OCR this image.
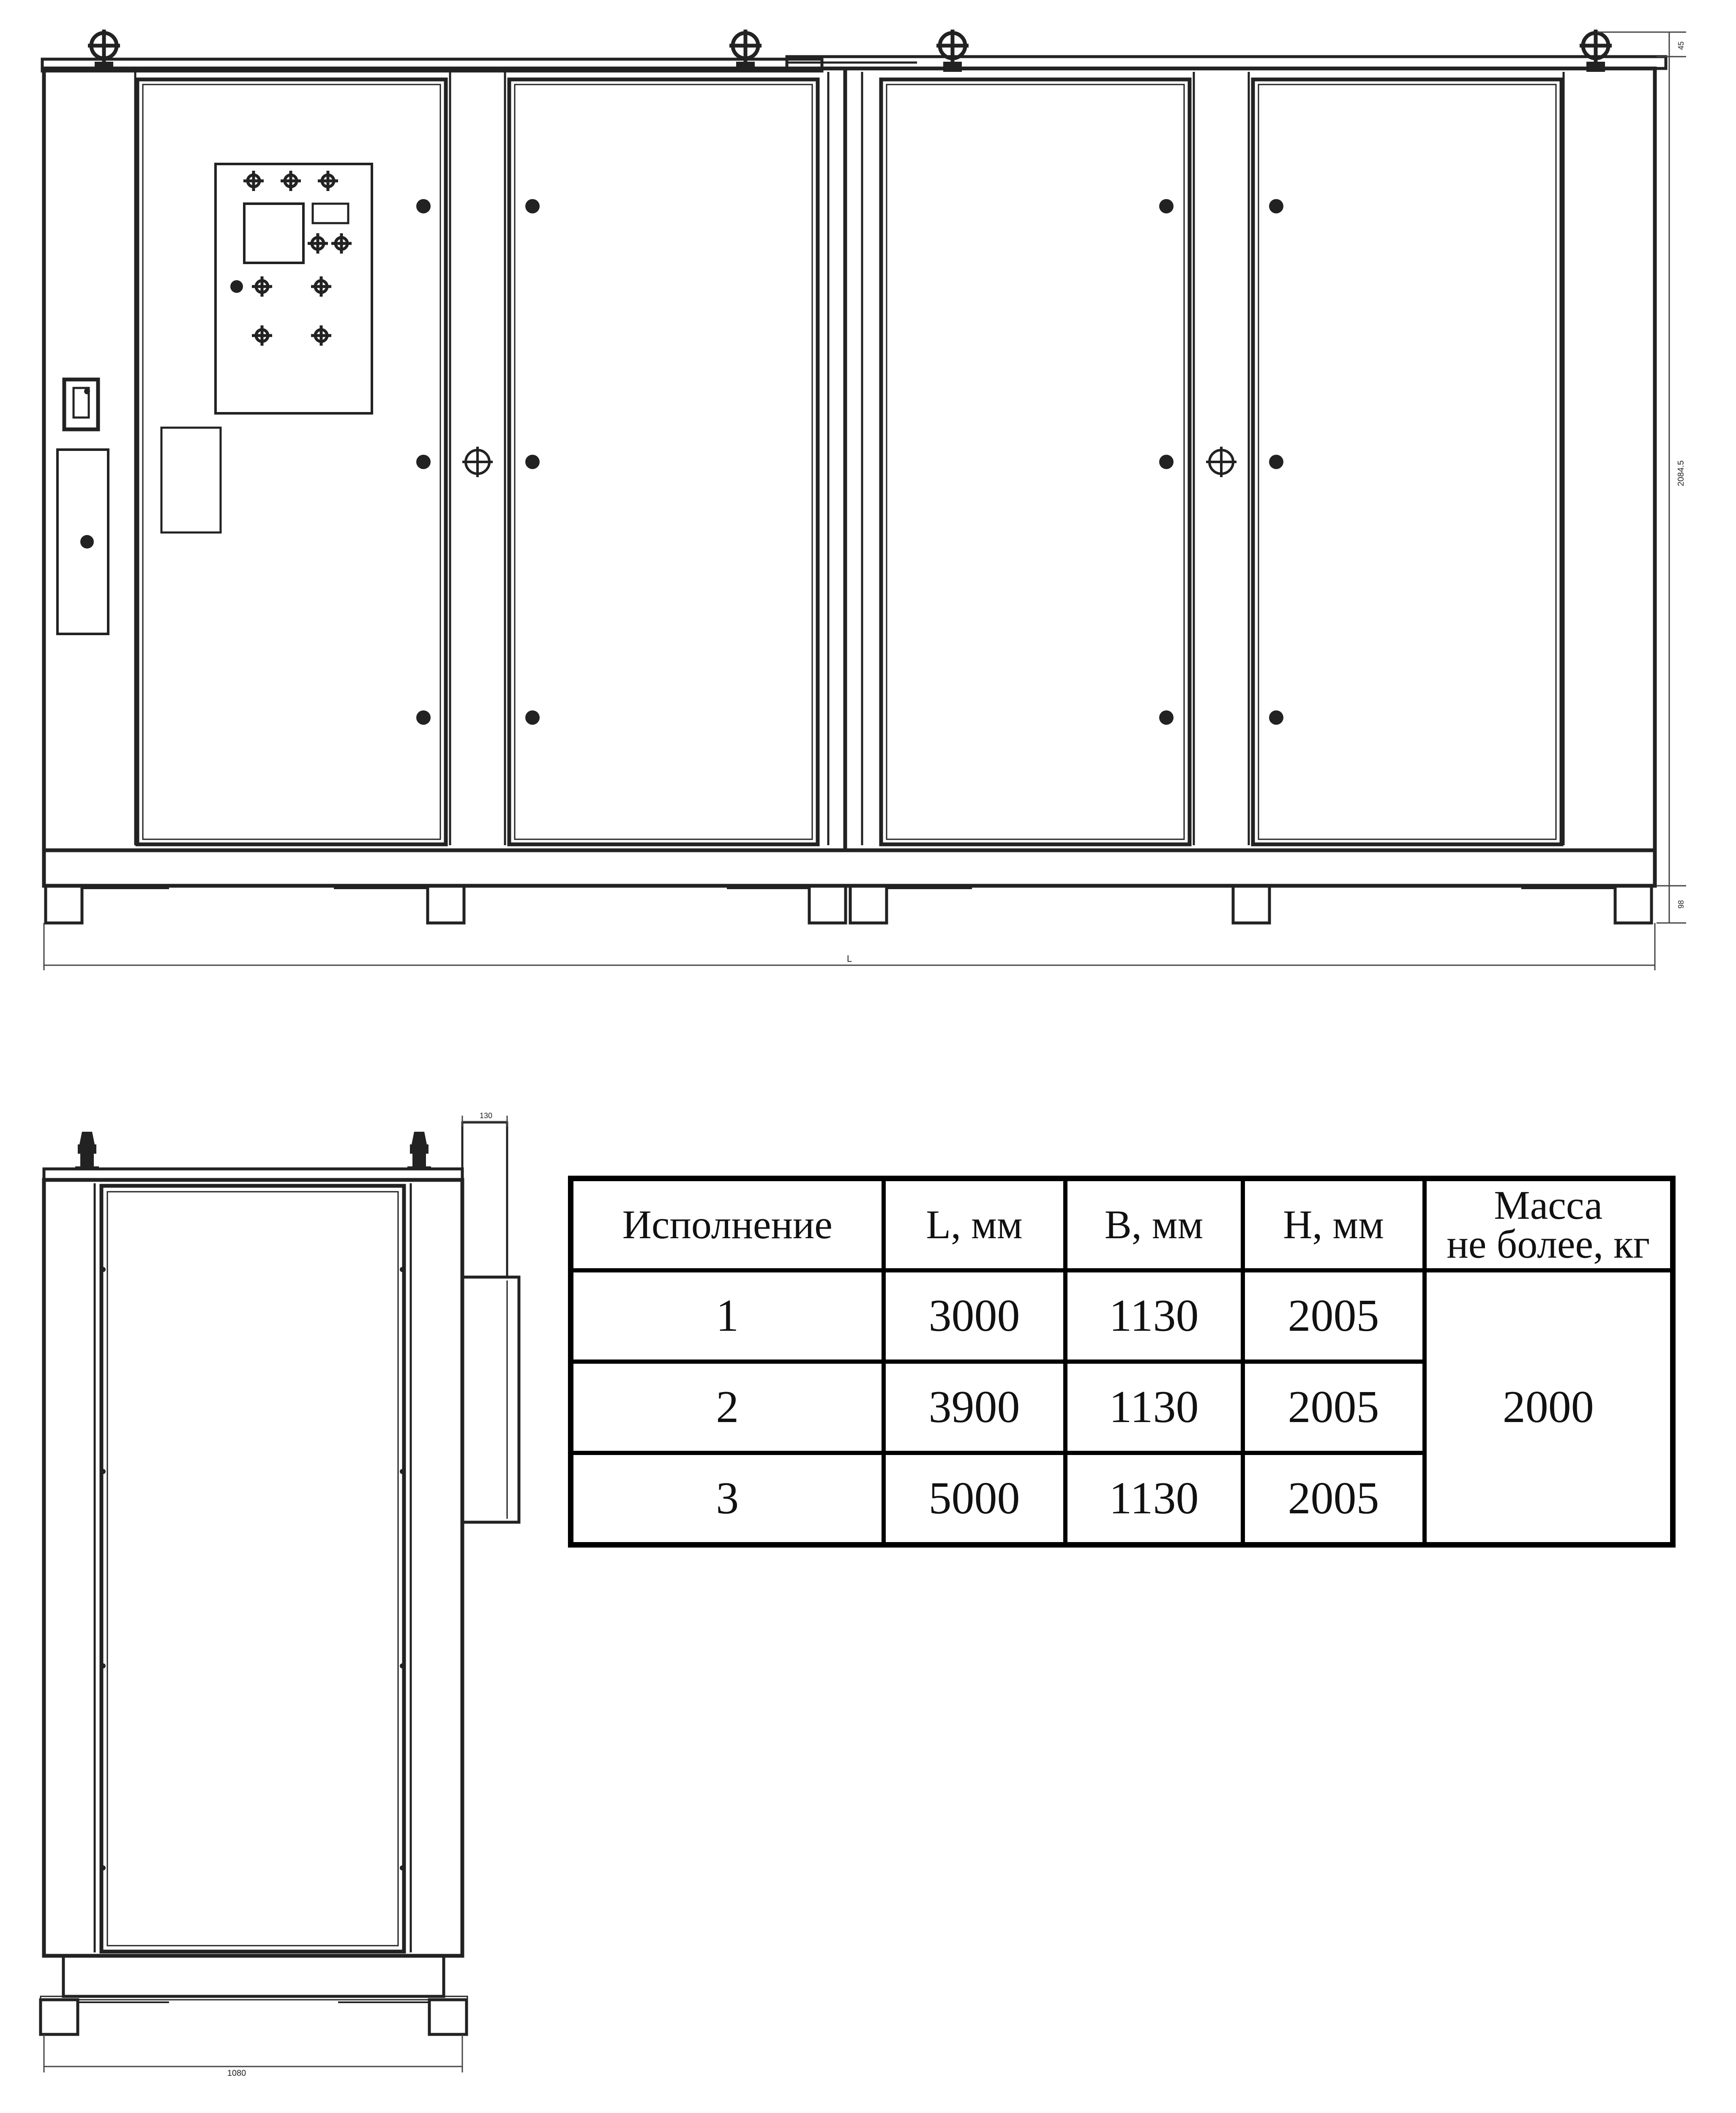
L
2084.5
45
98
1080
130
Исполнение	L, мм	B, мм	H, мм	Масса
не более, кг
1	3000	1130	2005	2000
2	3900	1130	2005	
3	5000	1130	2005	
